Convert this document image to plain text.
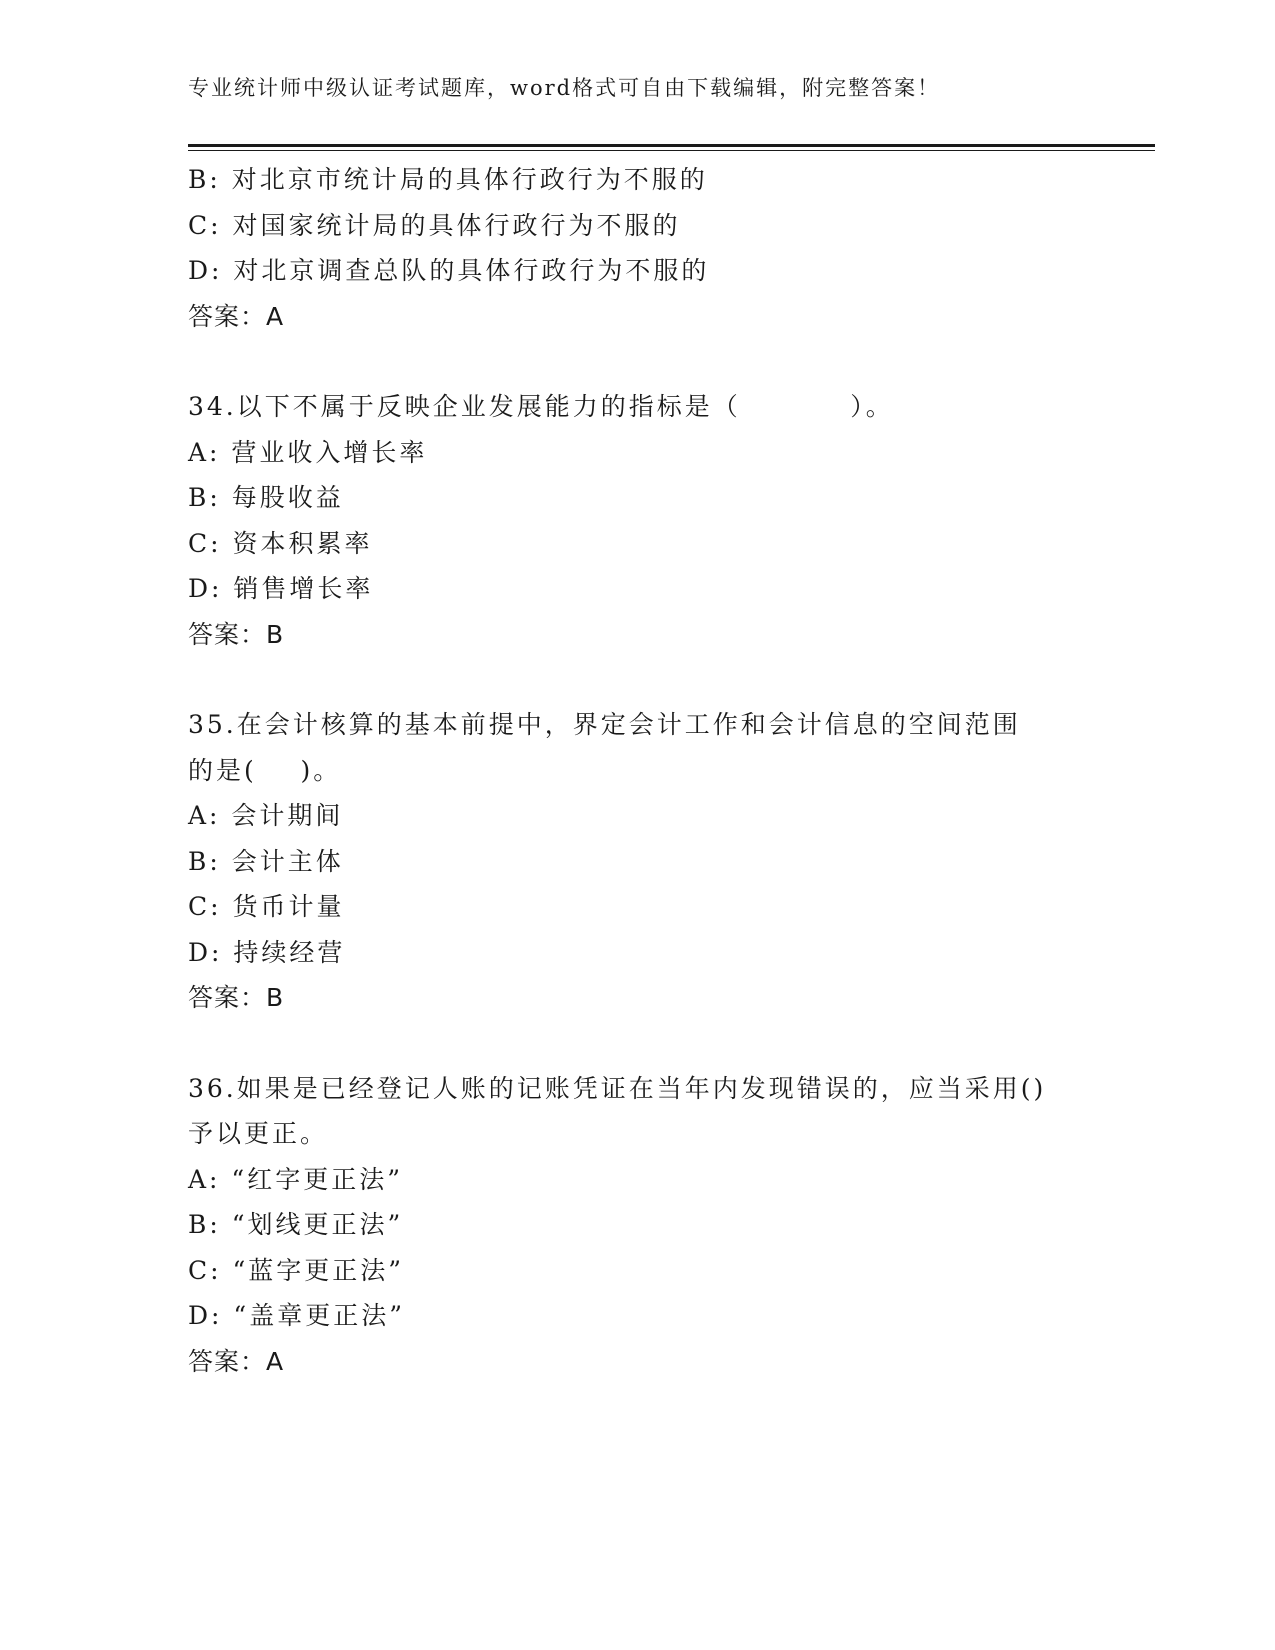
专业统计师中级认证考试题库，word格式可自由下载编辑，附完整答案！
B: 对北京市统计局的具体行政行为不服的
C: 对国家统计局的具体行政行为不服的
D: 对北京调查总队的具体行政行为不服的
答案：A
34.以下不属于反映企业发展能力的指标是（          ）。
A: 营业收入增长率
B: 每股收益
C: 资本积累率
D: 销售增长率
答案：B
35.在会计核算的基本前提中，界定会计工作和会计信息的空间范围的是(    )。
A: 会计期间
B: 会计主体
C: 货币计量
D: 持续经营
答案：B
36.如果是已经登记人账的记账凭证在当年内发现错误的，应当采用()予以更正。
A: “红字更正法”
B: “划线更正法”
C: “蓝字更正法”
D: “盖章更正法”
答案：A
